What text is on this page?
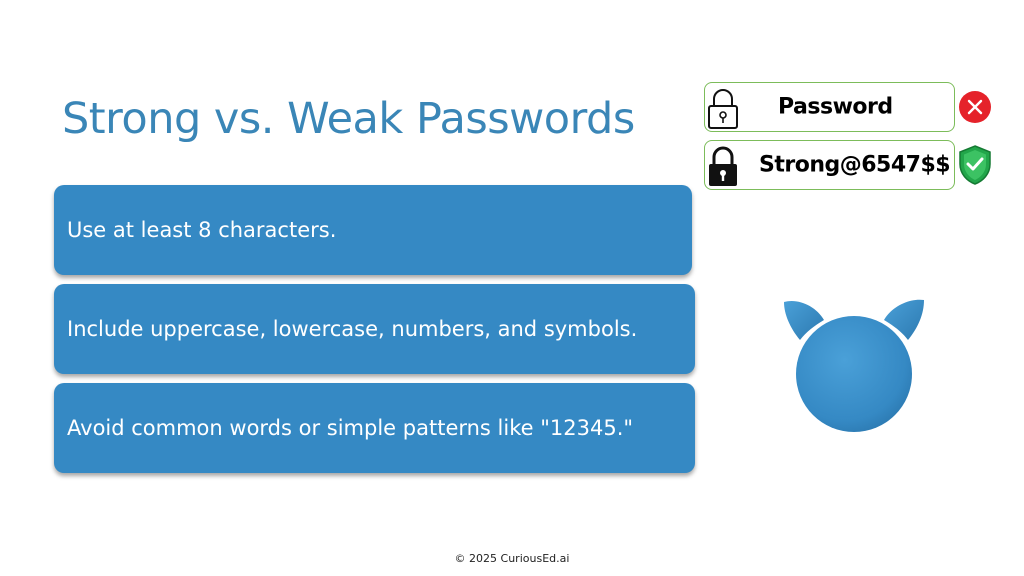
Strong vs. Weak Passwords
Use at least 8 characters.
Include uppercase, lowercase, numbers, and symbols.
Avoid common words or simple patterns like "12345."
Password
Strong@6547$$
© 2025 CuriousEd.ai
